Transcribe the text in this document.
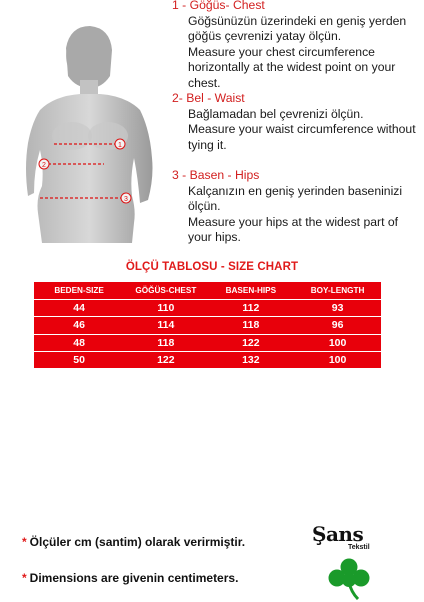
1
2
3

1 - Göğüs- Chest

Göğsünüzün üzerindeki en geniş yerden göğüs çevrenizi yatay ölçün.

Measure your chest circumference horizontally at the widest point on your chest.

2- Bel - Waist

Bağlamadan bel çevrenizi ölçün.

Measure your waist circumference without tying it.

3 - Basen - Hips

Kalçanızın en geniş yerinden baseninizi ölçün.

Measure your hips at the widest part of your hips.

ÖLÇÜ TABLOSU - SIZE CHART
BEDEN-SIZE	GÖĞÜS-CHEST	BASEN-HIPS	BOY-LENGTH
44	110	112	93
46	114	118	96
48	118	122	100
50	122	132	100
* Ölçüler cm (santim) olarak verirmiştir.
* Dimensions are givenin centimeters.
Şans
Tekstil
